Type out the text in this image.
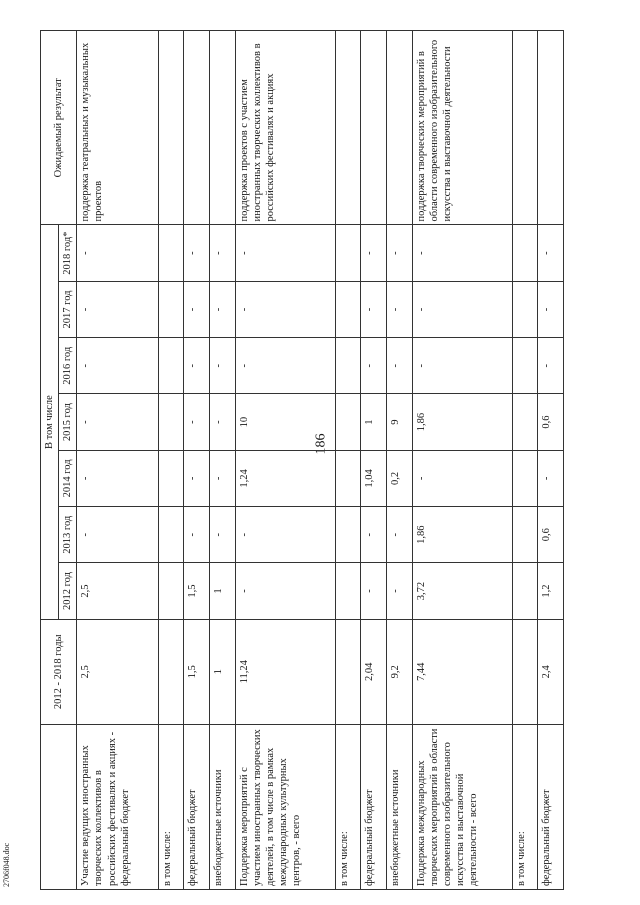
186
2706f048.doc
	2012 - 2018 годы	В том числе							Ожидаемый результат
		2012 год	2013 год	2014 год	2015 год	2016 год	2017 год	2018 год*	
Участие ведущих иностранных творческих коллективов в российских фестивалях и акциях - федеральный бюджет	2,5	2,5	-	-	-	-	-	-	поддержка театральных и музыкальных проектов
в том числе:									
федеральный бюджет	1,5	1,5	-	-	-	-	-	-	
внебюджетные источники	1	1	-	-	-	-	-	-	
Поддержка мероприятий с участием иностранных творческих деятелей, в том числе в рамках международных культурных центров, - всего	11,24	-	-	1,24	10	-	-	-	поддержка проектов с участием иностранных творческих коллективов в российских фестивалях и акциях
в том числе:									
федеральный бюджет	2,04	-	-	1,04	1	-	-	-	
внебюджетные источники	9,2	-	-	0,2	9	-	-	-	
Поддержка международных творческих мероприятий в области современного изобразительного искусства и выставочной деятельности - всего	7,44	3,72	1,86	-	1,86	-	-	-	поддержка творческих мероприятий в области современного изобразительного искусства и выставочной деятельности
в том числе:									
федеральный бюджет	2,4	1,2	0,6	-	0,6	-	-	-	
